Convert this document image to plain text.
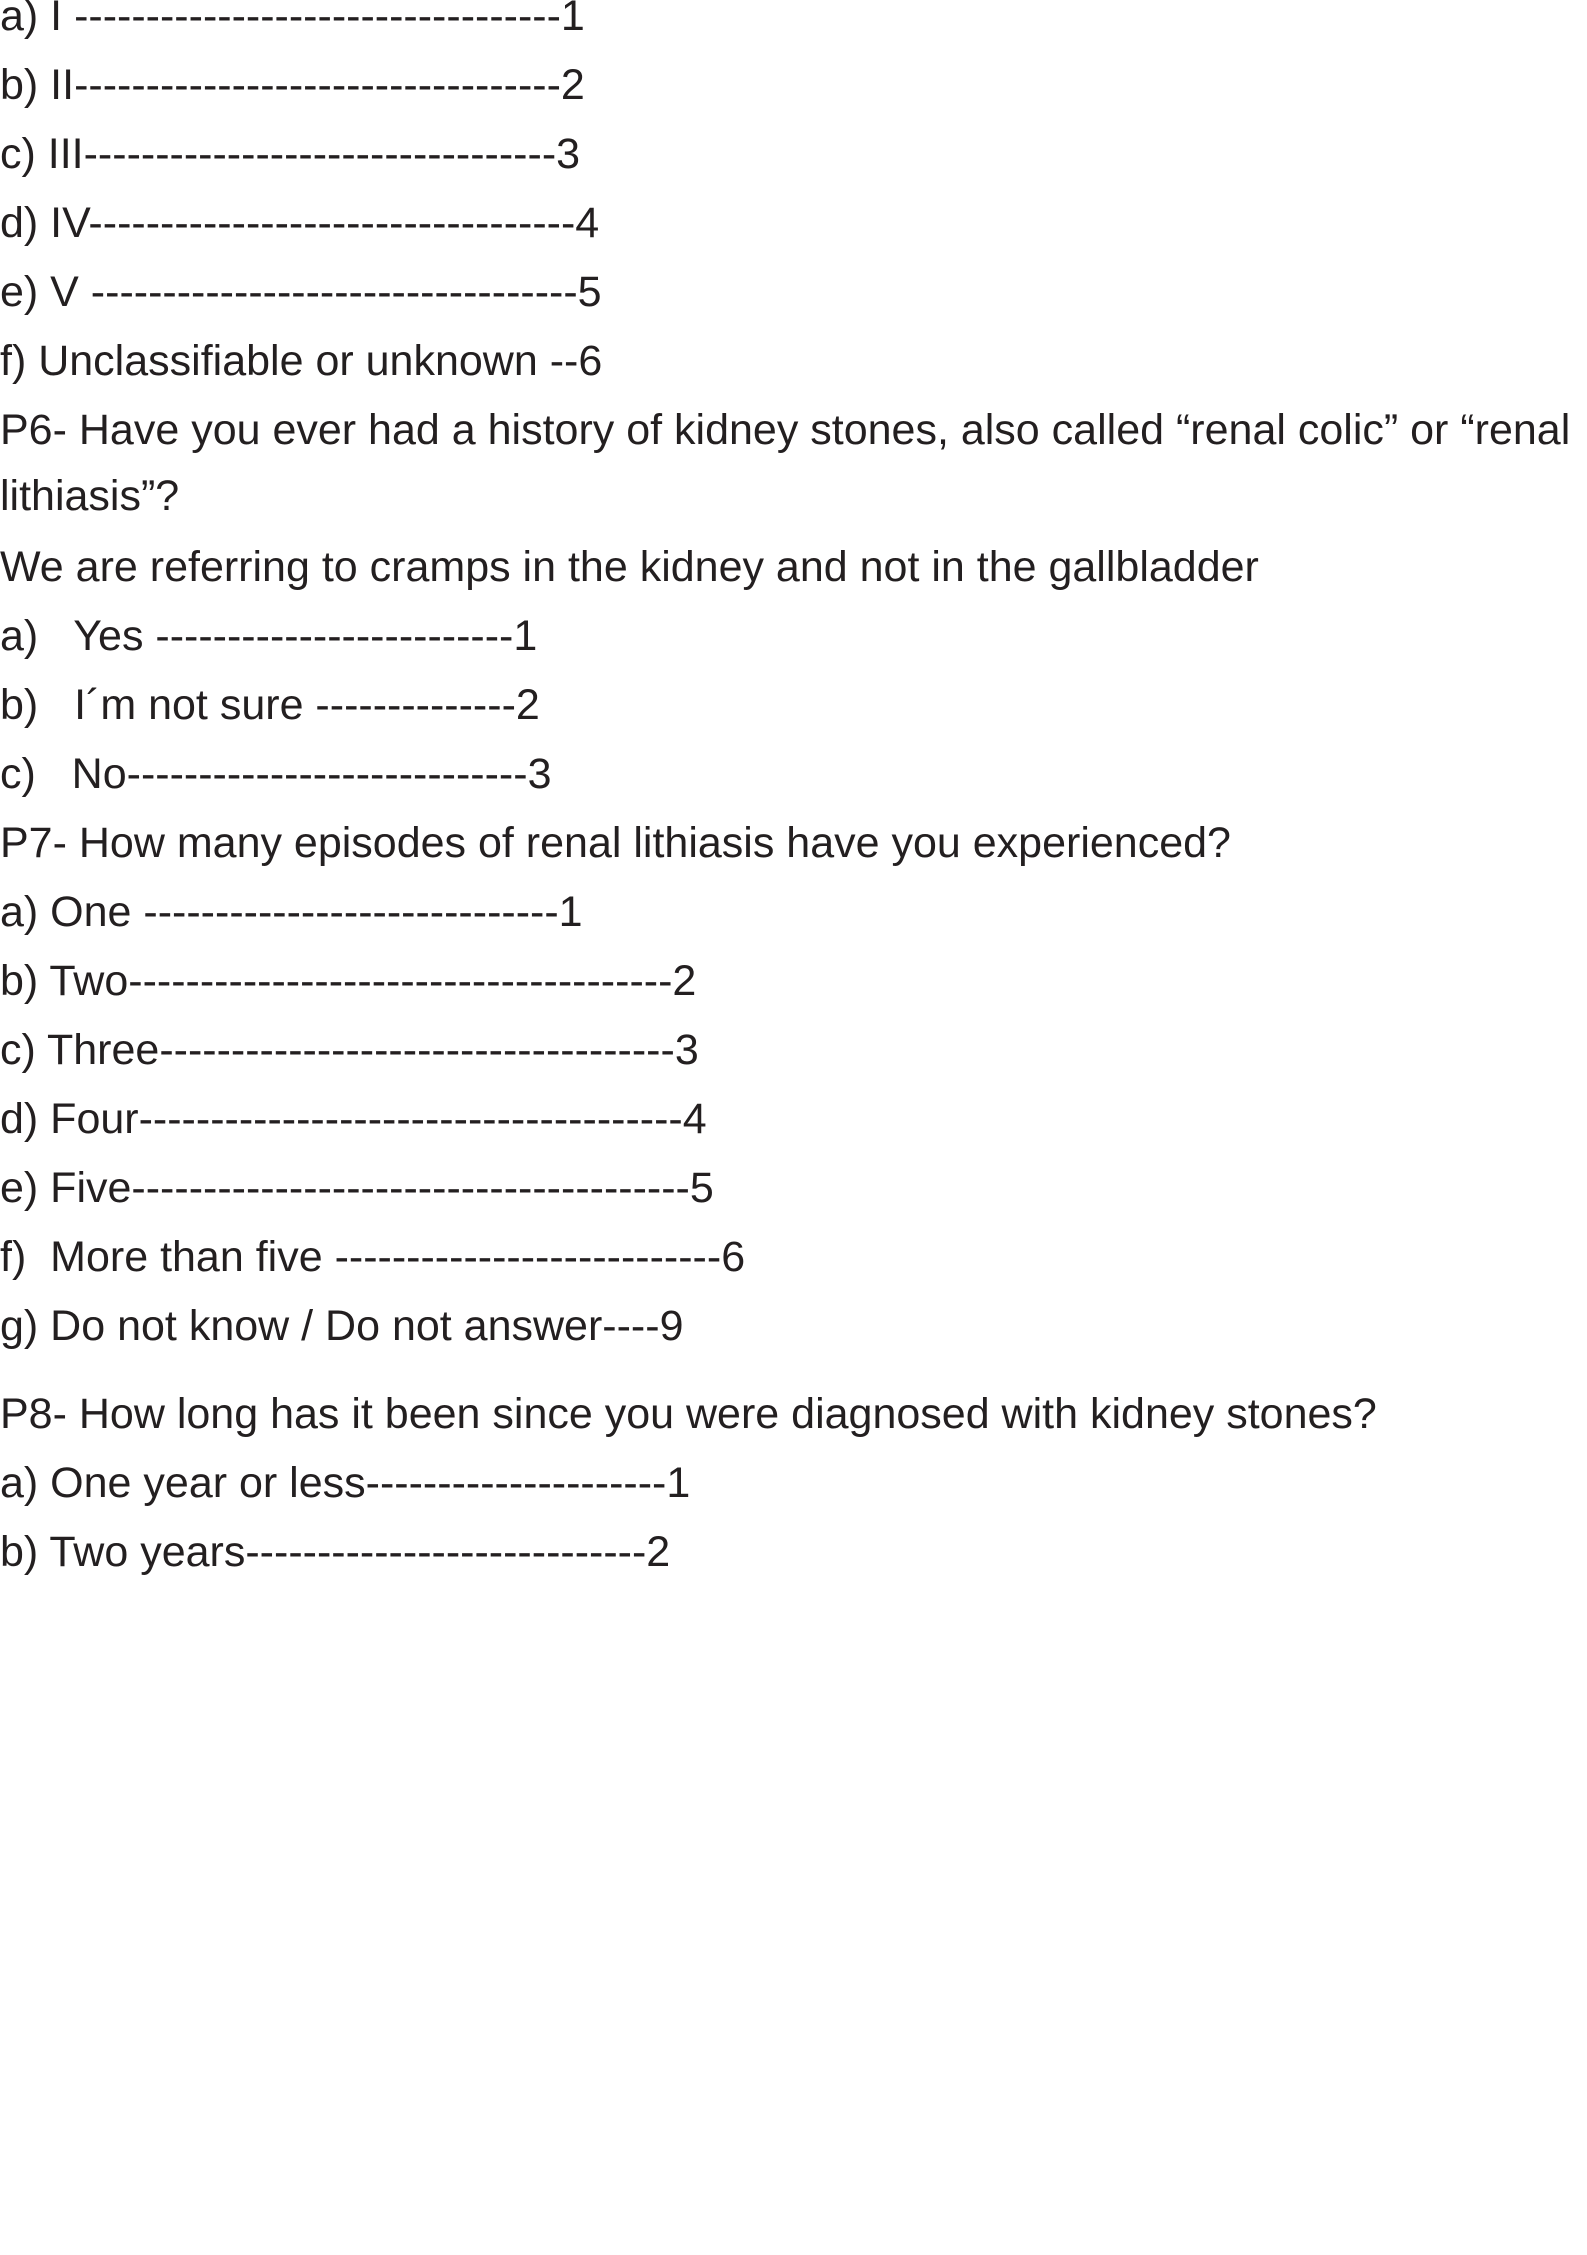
a) I ----------------------------------1

b) II----------------------------------2

c) III---------------------------------3

d) IV----------------------------------4

e) V ----------------------------------5

f) Unclassifiable or unknown --6

P6- Have you ever had a history of kidney stones, also called “renal colic” or “renal lithiasis”?

We are referring to cramps in the kidney and not in the gallbladder

a)   Yes -------------------------1

b)   I´m not sure --------------2

c)   No----------------------------3

P7- How many episodes of renal lithiasis have you experienced?

a) One -----------------------------1

b) Two--------------------------------------2

c) Three------------------------------------3

d) Four--------------------------------------4

e) Five---------------------------------------5

f)  More than five ---------------------------6

g) Do not know / Do not answer----9

P8- How long has it been since you were diagnosed with kidney stones?

a) One year or less---------------------1

b) Two years----------------------------2
